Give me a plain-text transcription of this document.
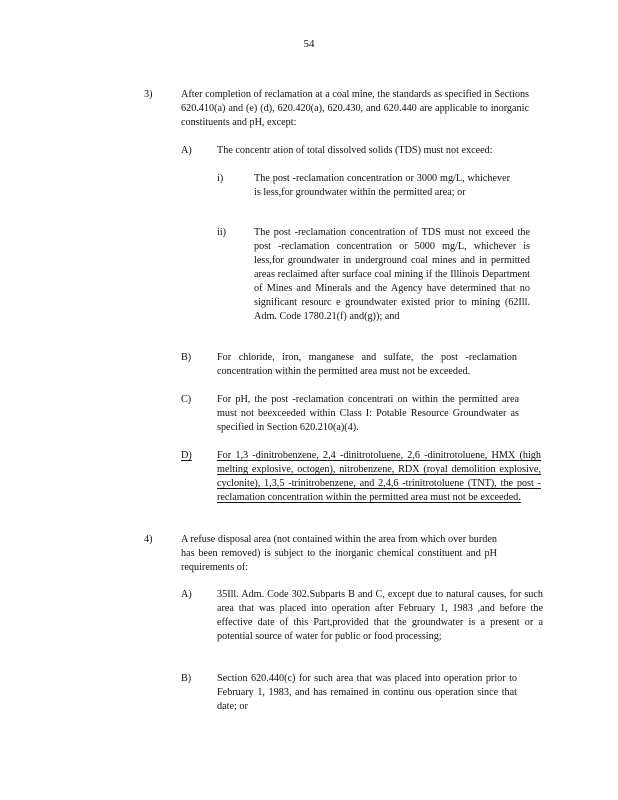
54
3)	After completion of reclamation at a coal mine, the standards as specified in Sections 620.410(a) and (e) (d), 620.420(a), 620.430, and 620.440 are applicable to inorganic constituents and pH, except:
A) The concentr ation of total dissolved solids (TDS) must not exceed:
i)	The post -reclamation concentration or 3000 mg/L, whichever is less,for groundwater within the permitted area; or
ii)	The post -reclamation concentration of TDS must not exceed the post -reclamation concentration or 5000 mg/L, whichever is less,for groundwater in underground coal mines and in permitted areas reclaimed after surface coal mining if the Illinois Department of Mines and Minerals and the Agency have determined that no significant resourc e groundwater existed prior to mining (62Ill. Adm. Code 1780.21(f) and(g)); and
B)	For chloride, iron, manganese and sulfate, the post -reclamation concentration within the permitted area must not be exceeded.
C)	For pH, the post -reclamation concentrati on within the permitted area must not beexceeded within Class I: Potable Resource Groundwater as specified in Section 620.210(a)(4).
D) For 1,3 -dinitrobenzene, 2,4 -dinitrotoluene, 2,6 -dinitrotoluene, HMX (high melting explosive, octogen), nitrobenzene, RDX (royal demolition explosive, cyclonite), 1,3,5 -trinitrobenzene, and 2,4,6 -trinitrotoluene (TNT), the post -reclamation concentration within the permitted area must not be exceeded.
4)	A refuse disposal area (not contained within the area from which over burden has been removed) is subject to the inorganic chemical constituent and pH requirements of:
A) 35Ill. Adm. Code 302.Subparts B and C, except due to natural causes, for such area that was placed into operation after February 1, 1983 ,and before the effective date of this Part,provided that the groundwater is a present or a potential source of water for public or food processing;
B)	Section 620.440(c) for such area that was placed into operation prior to February 1, 1983, and has remained in continu ous operation since that date; or
